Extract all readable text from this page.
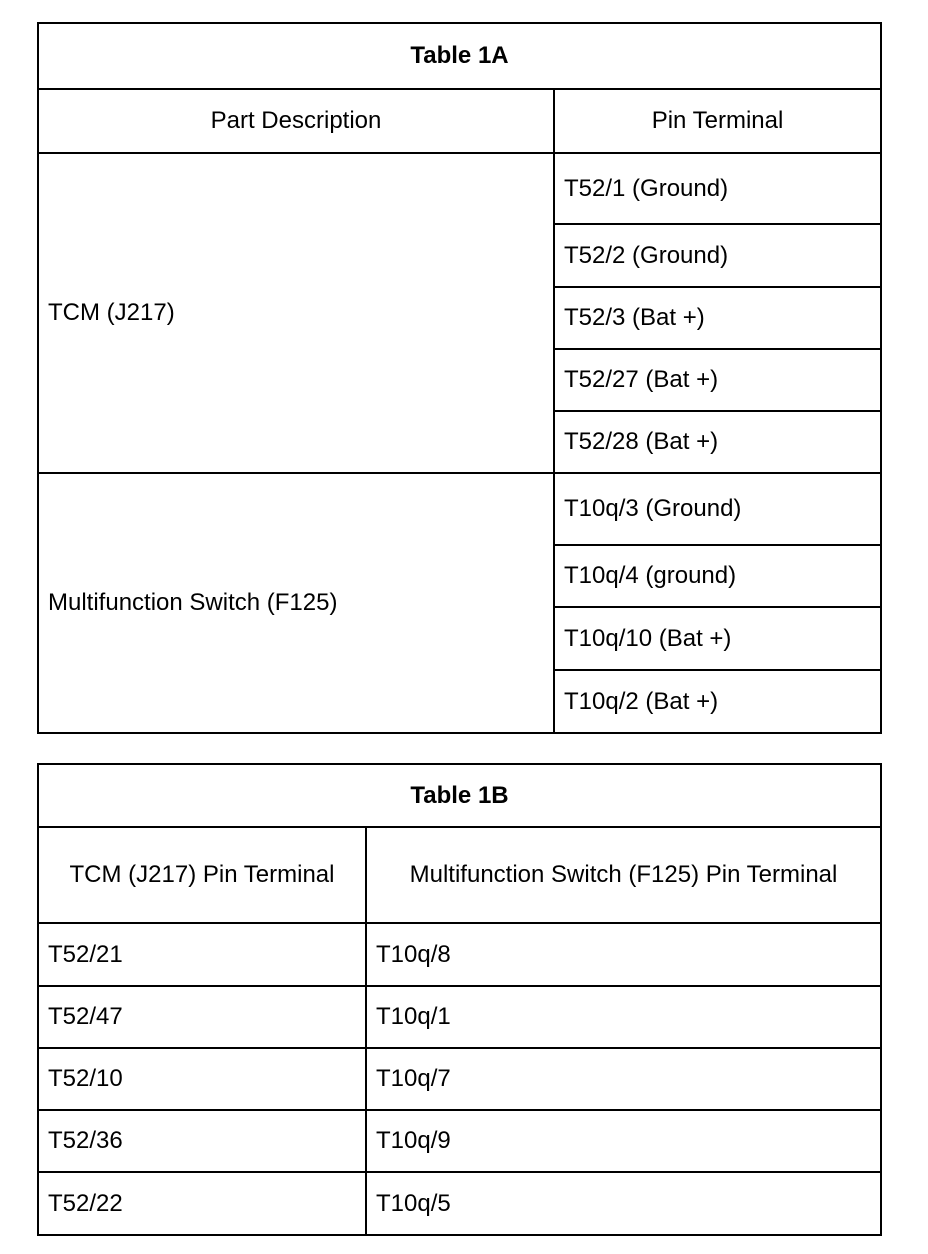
Table 1A	
Part Description	Pin Terminal
TCM (J217)	T52/1 (Ground)
	T52/2 (Ground)
	T52/3 (Bat +)
	T52/27 (Bat +)
	T52/28 (Bat +)
Multifunction Switch (F125)	T10q/3 (Ground)
	T10q/4 (ground)
	T10q/10 (Bat +)
	T10q/2 (Bat +)
Table 1B	
TCM (J217) Pin Terminal	Multifunction Switch (F125) Pin Terminal
T52/21	T10q/8
T52/47	T10q/1
T52/10	T10q/7
T52/36	T10q/9
T52/22	T10q/5
